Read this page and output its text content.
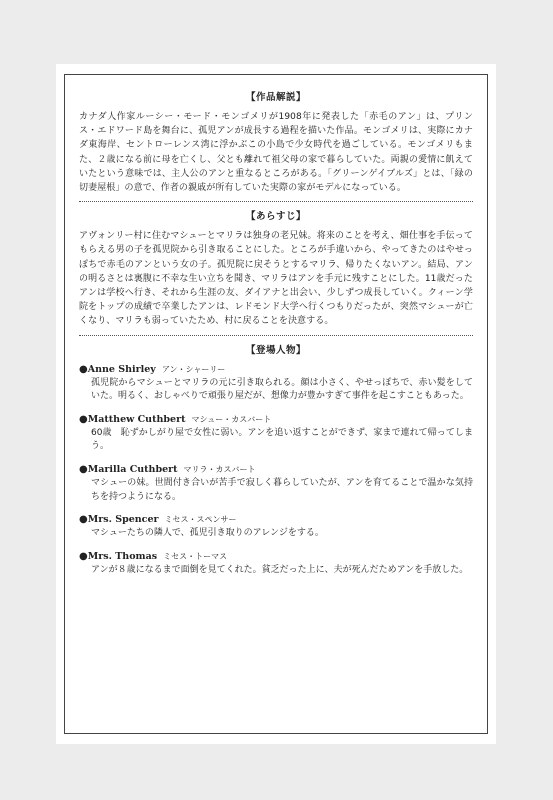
【作品解説】

カナダ人作家ルーシー・モード・モンゴメリが1908年に発表した「赤毛のアン」は、プリンス・エドワード島を舞台に、孤児アンが成長する過程を描いた作品。モンゴメリは、実際にカナダ東海岸、セントローレンス湾に浮かぶこの小島で少女時代を過ごしている。モンゴメリもまた、２歳になる前に母を亡くし、父とも離れて祖父母の家で暮らしていた。両親の愛情に飢えていたという意味では、主人公のアンと重なるところがある。「グリーンゲイブルズ」とは、「緑の切妻屋根」の意で、作者の親戚が所有していた実際の家がモデルになっている。

【あらすじ】

アヴォンリー村に住むマシューとマリラは独身の老兄妹。将来のことを考え、畑仕事を手伝ってもらえる男の子を孤児院から引き取ることにした。ところが手違いから、やってきたのはやせっぽちで赤毛のアンという女の子。孤児院に戻そうとするマリラ、帰りたくないアン。結局、アンの明るさとは裏腹に不幸な生い立ちを聞き、マリラはアンを手元に残すことにした。11歳だったアンは学校へ行き、それから生涯の友、ダイアナと出会い、少しずつ成長していく。クィーン学院をトップの成績で卒業したアンは、レドモンド大学へ行くつもりだったが、突然マシューが亡くなり、マリラも弱っていたため、村に戻ることを決意する。

【登場人物】
●Anne Shirley アン・シャーリー

孤児院からマシューとマリラの元に引き取られる。顔は小さく、やせっぽちで、赤い髪をしていた。明るく、おしゃべりで頑張り屋だが、想像力が豊かすぎて事件を起こすこともあった。

●Matthew Cuthbert マシュー・カスバート

60歳　恥ずかしがり屋で女性に弱い。アンを追い返すことができず、家まで連れて帰ってしまう。

●Marilla Cuthbert マリラ・カスバート

マシューの妹。世間付き合いが苦手で寂しく暮らしていたが、アンを育てることで温かな気持ちを持つようになる。

●Mrs. Spencer ミセス・スペンサー

マシューたちの隣人で、孤児引き取りのアレンジをする。

●Mrs. Thomas ミセス・トーマス

アンが８歳になるまで面倒を見てくれた。貧乏だった上に、夫が死んだためアンを手放した。
